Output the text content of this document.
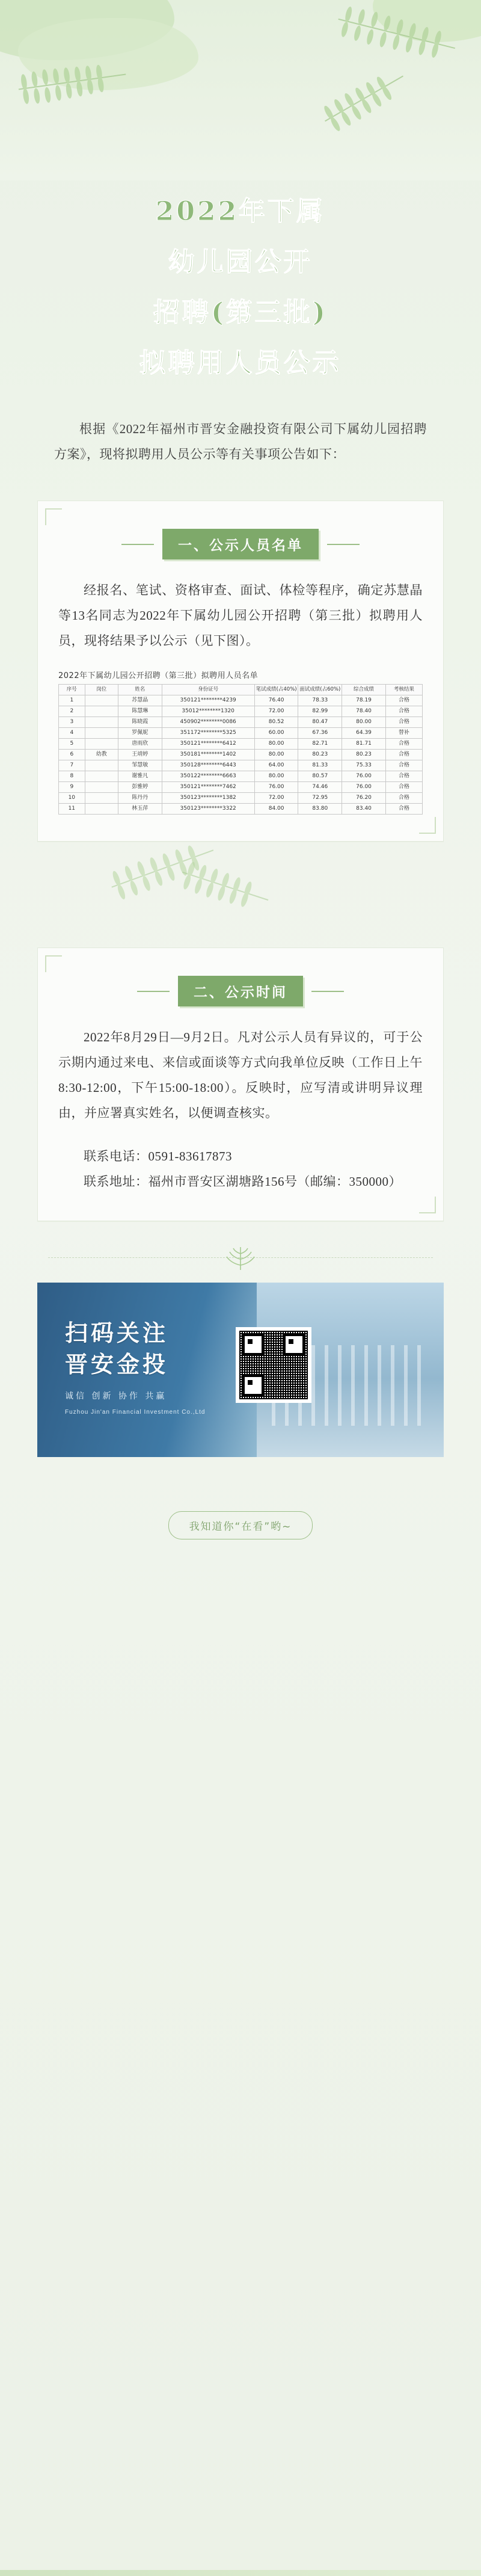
2022年下属
幼儿园公开
招聘(第三批)
拟聘用人员公示
根据《2022年福州市晋安金融投资有限公司下属幼儿园招聘方案》，现将拟聘用人员公示等有关事项公告如下：
一、公示人员名单
经报名、笔试、资格审查、面试、体检等程序，确定苏慧晶等13名同志为2022年下属幼儿园公开招聘（第三批）拟聘用人员，现将结果予以公示（见下图）。
2022年下属幼儿园公开招聘（第三批）拟聘用人员名单
序号	岗位	姓名	身份证号	笔试成绩(占40%)	面试成绩(占60%)	综合成绩	考核结果
1		苏慧晶	350121********4239	76.40	78.33	78.19	合格
2		陈慧琳	35012********1320	72.00	82.99	78.40	合格
3		陈晓霞	450902********0086	80.52	80.47	80.00	合格
4		罗佩妮	351172********5325	60.00	67.36	64.39	替补
5		唐雨欣	350121********6412	80.00	82.71	81.71	合格
6	幼教	王靖婷	350181********1402	80.00	80.23	80.23	合格
7		邹慧敏	350128********6443	64.00	81.33	75.33	合格
8		谢雅凡	350122********6663	80.00	80.57	76.00	合格
9		彭雅婷	350121********7462	76.00	74.46	76.00	合格
10		陈丹丹	350123********1382	72.00	72.95	76.20	合格
11		林玉萍	350123********3322	84.00	83.80	83.40	合格
二、公示时间
2022年8月29日—9月2日。凡对公示人员有异议的，可于公示期内通过来电、来信或面谈等方式向我单位反映（工作日上午8:30-12:00，下午15:00-18:00）。反映时，应写清或讲明异议理由，并应署真实姓名，以便调查核实。
联系电话：0591-83617873
联系地址：福州市晋安区湖塘路156号（邮编：350000）
扫码关注
晋安金投
诚信 创新 协作 共赢
Fuzhou Jin'an Financial Investment Co.,Ltd
我知道你“在看”哟~
